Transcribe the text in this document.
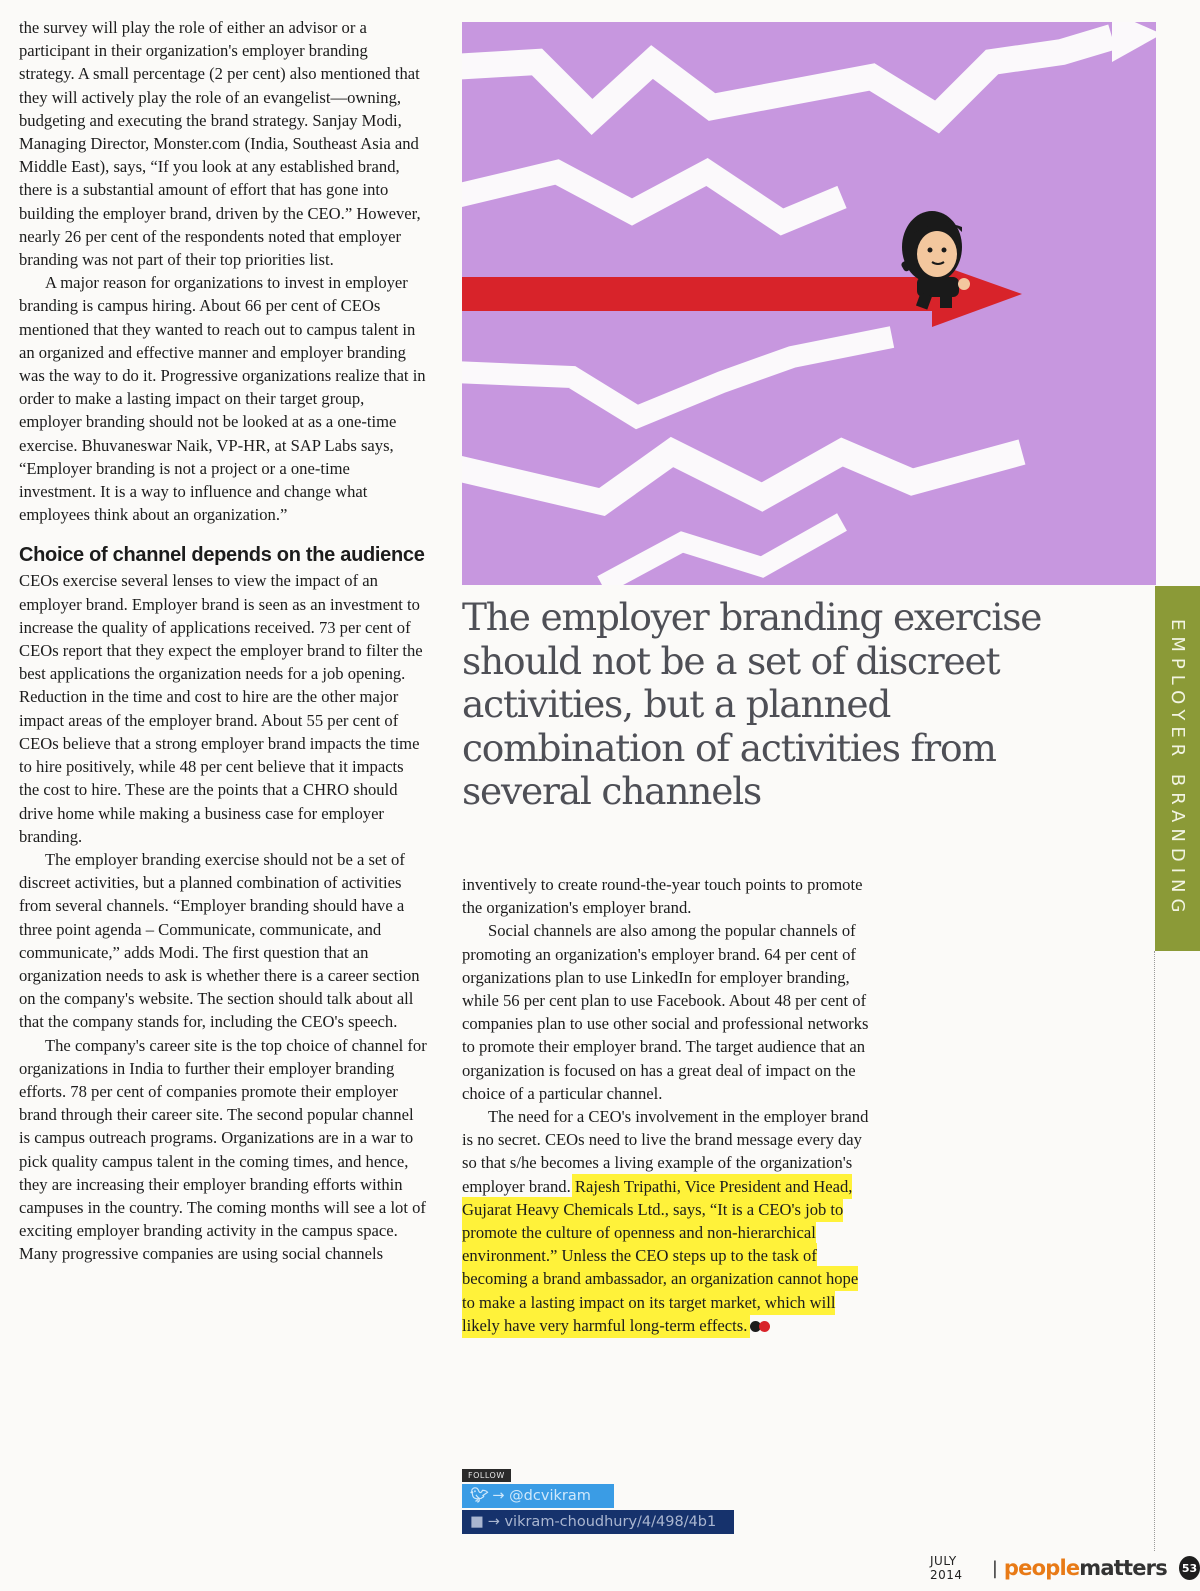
the survey will play the role of either an advisor or a participant in their organization's employer branding strategy. A small percentage (2 per cent) also mentioned that they will actively play the role of an evangelist—owning, budgeting and executing the brand strategy. Sanjay Modi, Managing Director, Monster.com (India, Southeast Asia and Middle East), says, “If you look at any established brand, there is a substantial amount of effort that has gone into building the employer brand, driven by the CEO.” However, nearly 26 per cent of the respondents noted that employer branding was not part of their top priorities list.

A major reason for organizations to invest in employer branding is campus hiring. About 66 per cent of CEOs mentioned that they wanted to reach out to campus talent in an organized and effective manner and employer branding was the way to do it. Progressive organizations realize that in order to make a lasting impact on their target group, employer branding should not be looked at as a one-time exercise. Bhuvaneswar Naik, VP-HR, at SAP Labs says, “Employer branding is not a project or a one-time investment. It is a way to influence and change what employees think about an organization.”

Choice of channel depends on the audience

CEOs exercise several lenses to view the impact of an employer brand. Employer brand is seen as an investment to increase the quality of applications received. 73 per cent of CEOs report that they expect the employer brand to filter the best applications the organization needs for a job opening. Reduction in the time and cost to hire are the other major impact areas of the employer brand. About 55 per cent of CEOs believe that a strong employer brand impacts the time to hire positively, while 48 per cent believe that it impacts the cost to hire. These are the points that a CHRO should drive home while making a business case for employer branding.

The employer branding exercise should not be a set of discreet activities, but a planned combination of activities from several channels. “Employer branding should have a three point agenda – Communicate, communicate, and communicate,” adds Modi. The first question that an organization needs to ask is whether there is a career section on the company's website. The section should talk about all that the company stands for, including the CEO's speech.

The company's career site is the top choice of channel for organizations in India to further their employer branding efforts. 78 per cent of companies promote their employer brand through their career site. The second popular channel is campus outreach programs. Organizations are in a war to pick quality campus talent in the coming times, and hence, they are increasing their employer branding efforts within campuses in the country. The coming months will see a lot of exciting employer branding activity in the campus space. Many progressive companies are using social channels

The employer branding exercise should not be a set of discreet activities, but a planned combination of activities from several channels	EMPLOYER BRANDING

inventively to create round-the-year touch points to promote the organization's employer brand.

Social channels are also among the popular channels of promoting an organization's employer brand. 64 per cent of organizations plan to use LinkedIn for employer branding, while 56 per cent plan to use Facebook. About 48 per cent of companies plan to use other social and professional networks to promote their employer brand. The target audience that an organization is focused on has a great deal of impact on the choice of a particular channel.

The need for a CEO's involvement in the employer brand is no secret. CEOs need to live the brand message every day so that s/he becomes a living example of the organization's employer brand. Rajesh Tripathi, Vice President and Head, Gujarat Heavy Chemicals Ltd., says, “It is a CEO's job to promote the culture of openness and non-hierarchical environment.” Unless the CEO steps up to the task of becoming a brand ambassador, an organization cannot hope to make a lasting impact on its target market, which will likely have very harmful long-term effects.

FOLLOW
🐦︎ → @dcvikram
■ → vikram-choudhury/4/498/4b1
JULY 2014	| peoplematters 53
